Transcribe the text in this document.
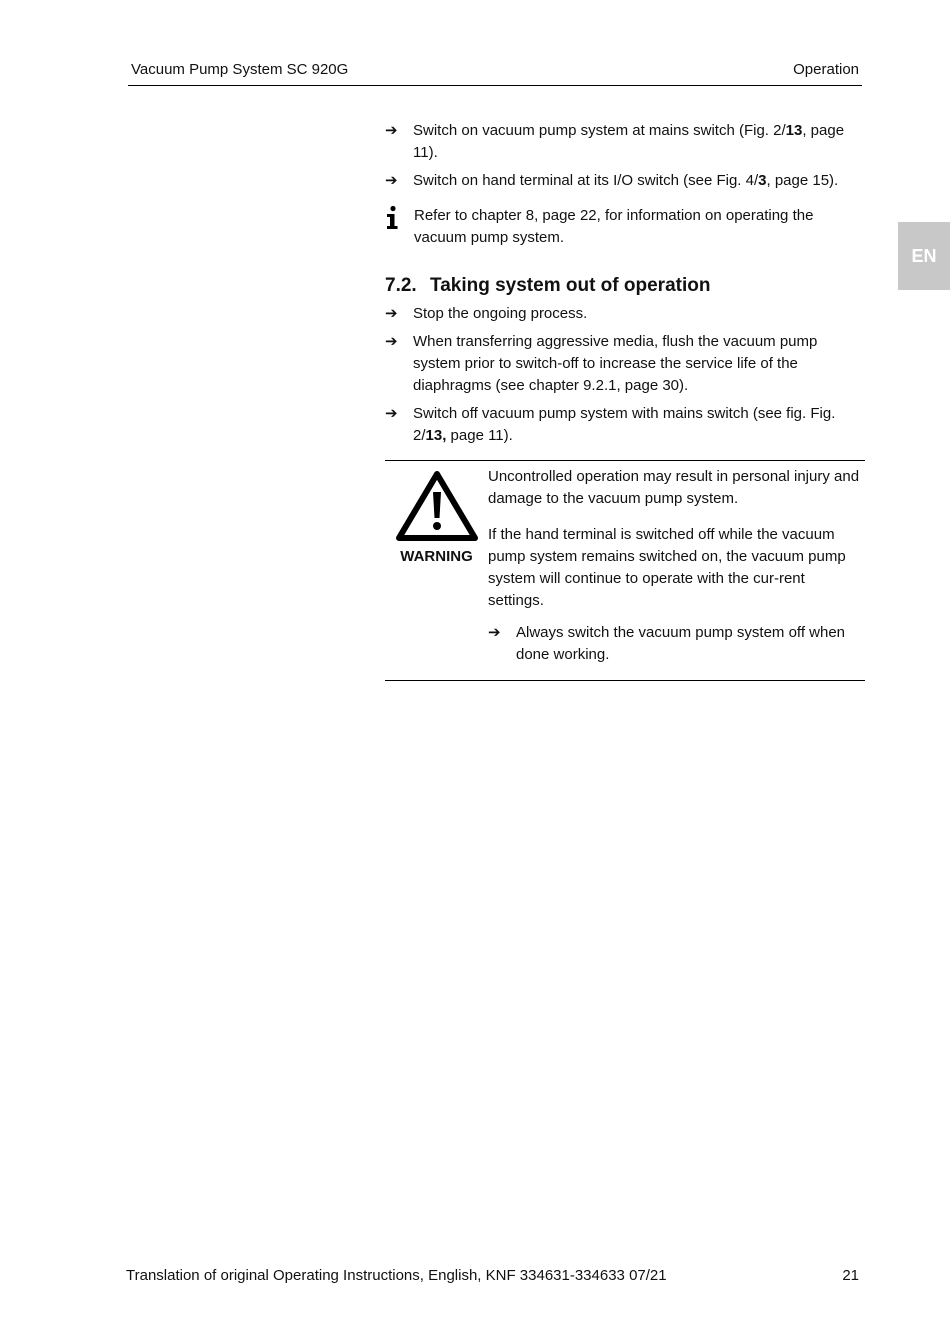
Vacuum Pump System SC 920G	Operation
EN
➔ Switch on vacuum pump system at mains switch (Fig. 2/13, page 11).
➔ Switch on hand terminal at its I/O switch (see Fig. 4/3, page 15).
Refer to chapter 8, page 22, for information on operating the vacuum pump system.
7.2. Taking system out of operation
➔ Stop the ongoing process.
➔ When transferring aggressive media, flush the vacuum pump system prior to switch-off to increase the service life of the diaphragms (see chapter 9.2.1, page 30).
➔ Switch off vacuum pump system with mains switch (see fig. Fig. 2/13, page 11).
WARNING

Uncontrolled operation may result in personal injury and damage to the vacuum pump system.

If the hand terminal is switched off while the vacuum pump system remains switched on, the vacuum pump system will continue to operate with the cur-rent settings.

➔ Always switch the vacuum pump system off when done working.
Translation of original Operating Instructions, English, KNF 334631-334633 07/21	21
